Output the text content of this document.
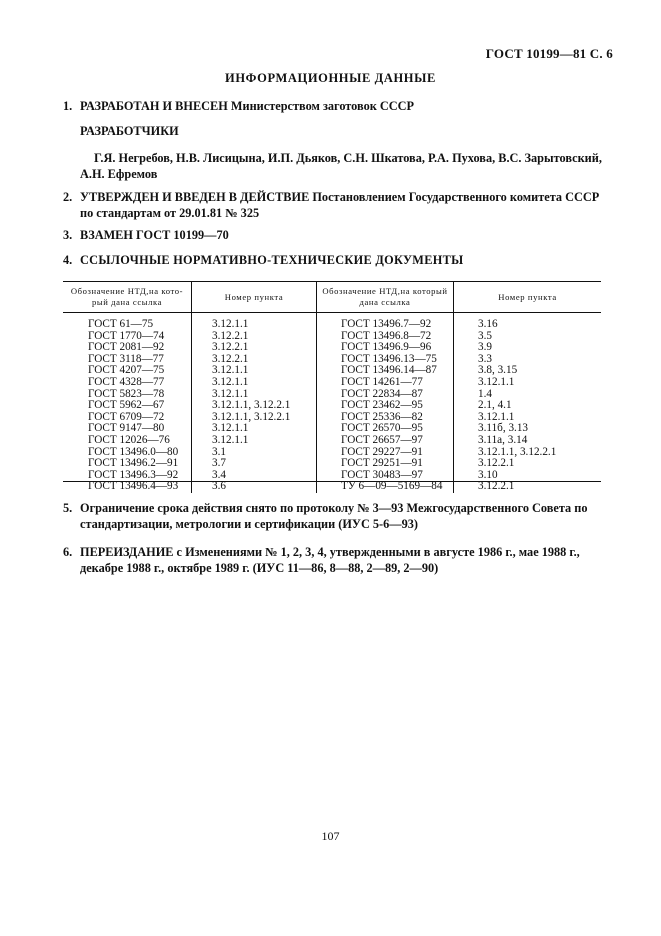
ГОСТ 10199—81 С. 6
ИНФОРМАЦИОННЫЕ ДАННЫЕ
1. РАЗРАБОТАН И ВНЕСЕН Министерством заготовок СССР
РАЗРАБОТЧИКИ
Г.Я. Негребов, Н.В. Лисицына, И.П. Дьяков, С.Н. Шкатова, Р.А. Пухова, В.С. Зарытовский, А.Н. Ефремов
2. УТВЕРЖДЕН И ВВЕДЕН В ДЕЙСТВИЕ Постановлением Государственного комитета СССР по стандартам от 29.01.81 № 325
3. ВЗАМЕН ГОСТ 10199—70
4. ССЫЛОЧНЫЕ НОРМАТИВНО-ТЕХНИЧЕСКИЕ ДОКУМЕНТЫ
Обозначение НТД,на кото-рый дана ссылка	Номер пункта	Обозначение НТД,на который дана ссылка	Номер пункта
ГОСТ 61—75	3.12.1.1	ГОСТ 13496.7—92	3.16
ГОСТ 1770—74	3.12.2.1	ГОСТ 13496.8—72	3.5
ГОСТ 2081—92	3.12.2.1	ГОСТ 13496.9—96	3.9
ГОСТ 3118—77	3.12.2.1	ГОСТ 13496.13—75	3.3
ГОСТ 4207—75	3.12.1.1	ГОСТ 13496.14—87	3.8, 3.15
ГОСТ 4328—77	3.12.1.1	ГОСТ 14261—77	3.12.1.1
ГОСТ 5823—78	3.12.1.1	ГОСТ 22834—87	1.4
ГОСТ 5962—67	3.12.1.1, 3.12.2.1	ГОСТ 23462—95	2.1, 4.1
ГОСТ 6709—72	3.12.1.1, 3.12.2.1	ГОСТ 25336—82	3.12.1.1
ГОСТ 9147—80	3.12.1.1	ГОСТ 26570—95	3.11б, 3.13
ГОСТ 12026—76	3.12.1.1	ГОСТ 26657—97	3.11а, 3.14
ГОСТ 13496.0—80	3.1	ГОСТ 29227—91	3.12.1.1, 3.12.2.1
ГОСТ 13496.2—91	3.7	ГОСТ 29251—91	3.12.2.1
ГОСТ 13496.3—92	3.4	ГОСТ 30483—97	3.10
ГОСТ 13496.4—93	3.6	ТУ 6—09—5169—84	3.12.2.1
5. Ограничение срока действия снято по протоколу № 3—93 Межгосударственного Совета по стандартизации, метрологии и сертификации (ИУС 5-6—93)
6. ПЕРЕИЗДАНИЕ с Изменениями № 1, 2, 3, 4, утвержденными в августе 1986 г., мае 1988 г., декабре 1988 г., октябре 1989 г. (ИУС 11—86, 8—88, 2—89, 2—90)
107
